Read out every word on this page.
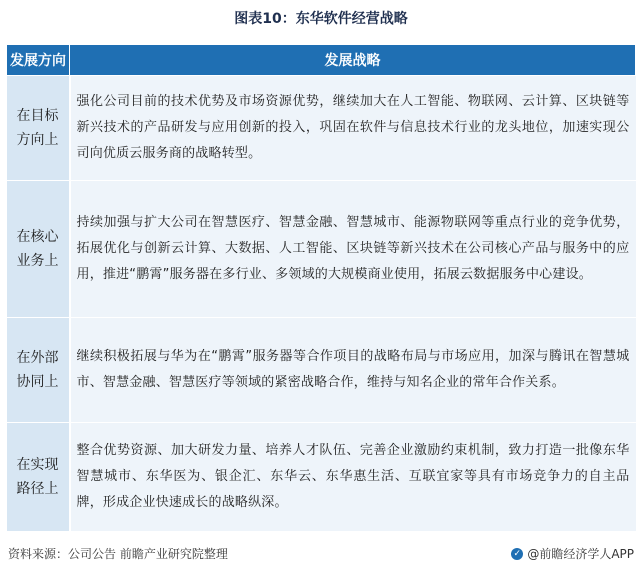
图表10：东华软件经营战略
发展方向	发展战略
在目标方向上	强化公司目前的技术优势及市场资源优势，继续加大在人工智能、物联网、云计算、区块链等新兴技术的产品研发与应用创新的投入，巩固在软件与信息技术行业的龙头地位，加速实现公司向优质云服务商的战略转型。
在核心业务上	持续加强与扩大公司在智慧医疗、智慧金融、智慧城市、能源物联网等重点行业的竞争优势，拓展优化与创新云计算、大数据、人工智能、区块链等新兴技术在公司核心产品与服务中的应用，推进“鹏霄”服务器在多行业、多领域的大规模商业使用，拓展云数据服务中心建设。
在外部协同上	继续积极拓展与华为在“鹏霄”服务器等合作项目的战略布局与市场应用，加深与腾讯在智慧城市、智慧金融、智慧医疗等领域的紧密战略合作，维持与知名企业的常年合作关系。
在实现路径上	整合优势资源、加大研发力量、培养人才队伍、完善企业激励约束机制，致力打造一批像东华智慧城市、东华医为、银企汇、东华云、东华惠生活、互联宜家等具有市场竞争力的自主品牌，形成企业快速成长的战略纵深。
资料来源：公司公告 前瞻产业研究院整理	✓ @前瞻经济学人APP
